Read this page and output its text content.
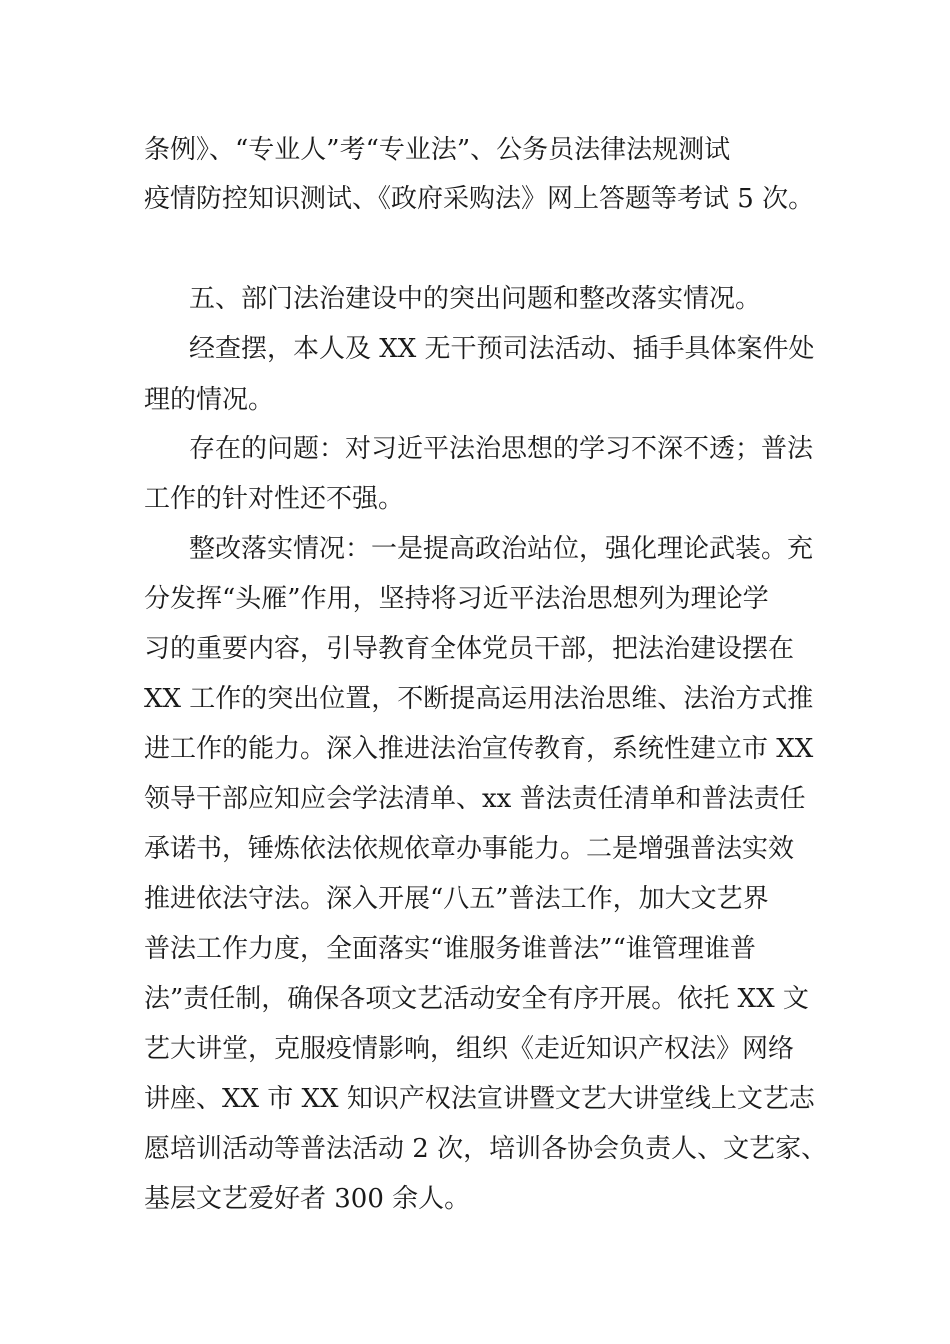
条例》、“专业人”考“专业法”、公务员法律法规测试
疫情防控知识测试、《政府采购法》网上答题等考试 5 次。
五、部门法治建设中的突出问题和整改落实情况。
经查摆，本人及 XX 无干预司法活动、插手具体案件处
理的情况。
存在的问题：对习近平法治思想的学习不深不透；普法
工作的针对性还不强。
整改落实情况：一是提高政治站位，强化理论武装。充
分发挥“头雁”作用，坚持将习近平法治思想列为理论学
习的重要内容，引导教育全体党员干部，把法治建设摆在
XX 工作的突出位置，不断提高运用法治思维、法治方式推
进工作的能力。深入推进法治宣传教育，系统性建立市 XX
领导干部应知应会学法清单、xx 普法责任清单和普法责任
承诺书，锤炼依法依规依章办事能力。二是增强普法实效
推进依法守法。深入开展“八五”普法工作，加大文艺界
普法工作力度，全面落实“谁服务谁普法”“谁管理谁普
法”责任制，确保各项文艺活动安全有序开展。依托 XX 文
艺大讲堂，克服疫情影响，组织《走近知识产权法》网络
讲座、XX 市 XX 知识产权法宣讲暨文艺大讲堂线上文艺志
愿培训活动等普法活动 2 次，培训各协会负责人、文艺家、
基层文艺爱好者 300 余人。
